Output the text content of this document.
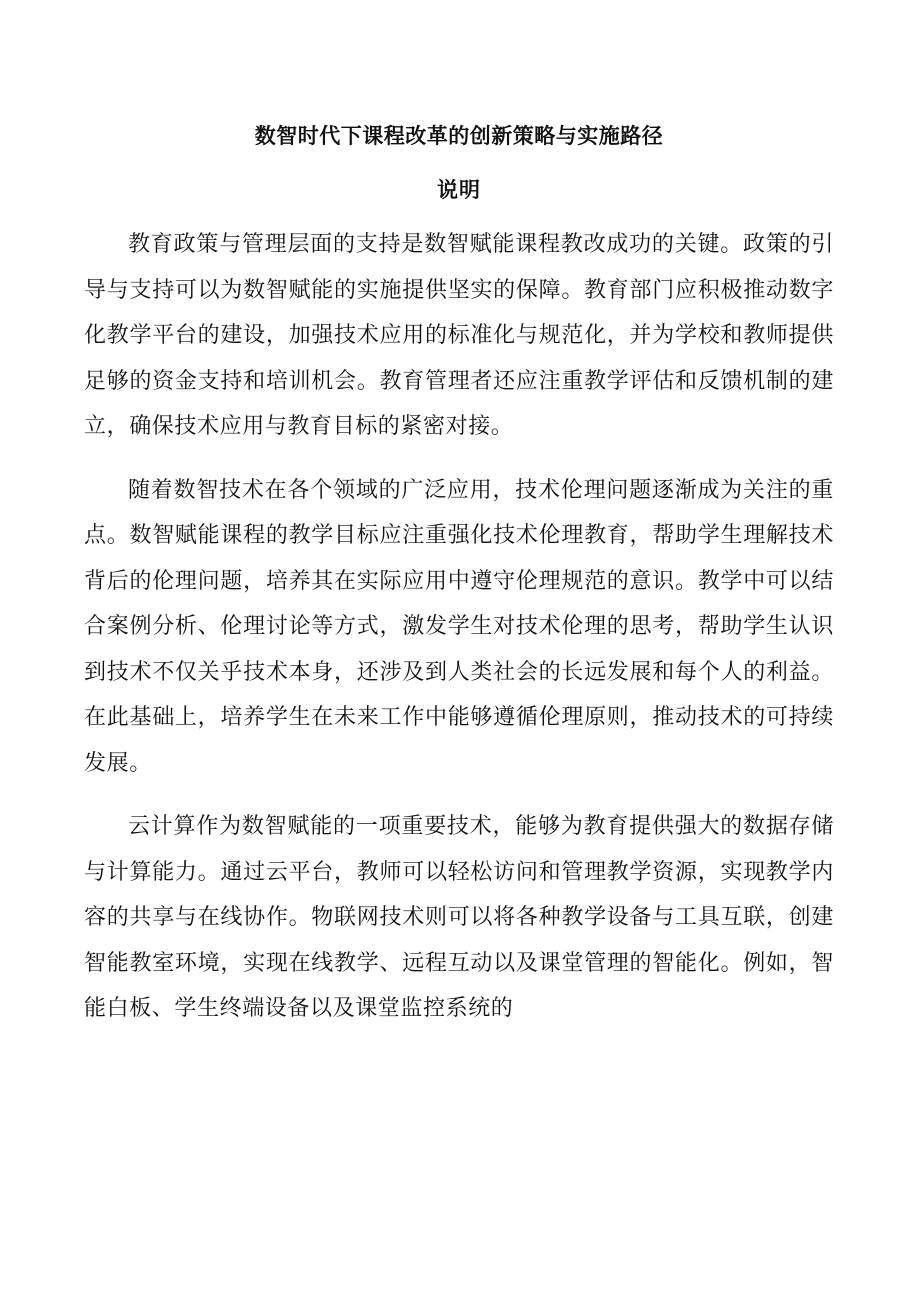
数智时代下课程改革的创新策略与实施路径
说明

教育政策与管理层面的支持是数智赋能课程教改成功的关键。政策的引导与支持可以为数智赋能的实施提供坚实的保障。教育部门应积极推动数字化教学平台的建设，加强技术应用的标准化与规范化，并为学校和教师提供足够的资金支持和培训机会。教育管理者还应注重教学评估和反馈机制的建立，确保技术应用与教育目标的紧密对接。

随着数智技术在各个领域的广泛应用，技术伦理问题逐渐成为关注的重点。数智赋能课程的教学目标应注重强化技术伦理教育，帮助学生理解技术背后的伦理问题，培养其在实际应用中遵守伦理规范的意识。教学中可以结合案例分析、伦理讨论等方式，激发学生对技术伦理的思考，帮助学生认识到技术不仅关乎技术本身，还涉及到人类社会的长远发展和每个人的利益。在此基础上，培养学生在未来工作中能够遵循伦理原则，推动技术的可持续发展。

云计算作为数智赋能的一项重要技术，能够为教育提供强大的数据存储与计算能力。通过云平台，教师可以轻松访问和管理教学资源，实现教学内容的共享与在线协作。物联网技术则可以将各种教学设备与工具互联，创建智能教室环境，实现在线教学、远程互动以及课堂管理的智能化。例如，智能白板、学生终端设备以及课堂监控系统的
